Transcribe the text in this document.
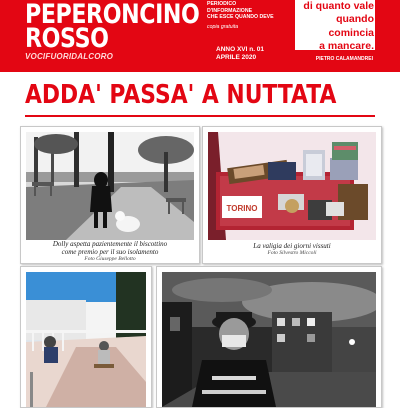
PEPERONCINO
ROSSO
VOCIFUORIDALCORO
PERIODICO
D'INFORMAZIONE
CHE ESCE QUANDO DEVE
copia gratuita
ANNO XVI n. 01
APRILE 2020
di quanto vale
quando comincia
a mancare.
PIETRO CALAMANDREI
ADDA' PASSA' A NUTTATA
Dolly aspetta pazientemente il biscottino
come premio per il suo isolamento
Foto Giuseppe Bellotto
TORINO
La valigia dei giorni vissuti
Foto Silvestro Miccoli
